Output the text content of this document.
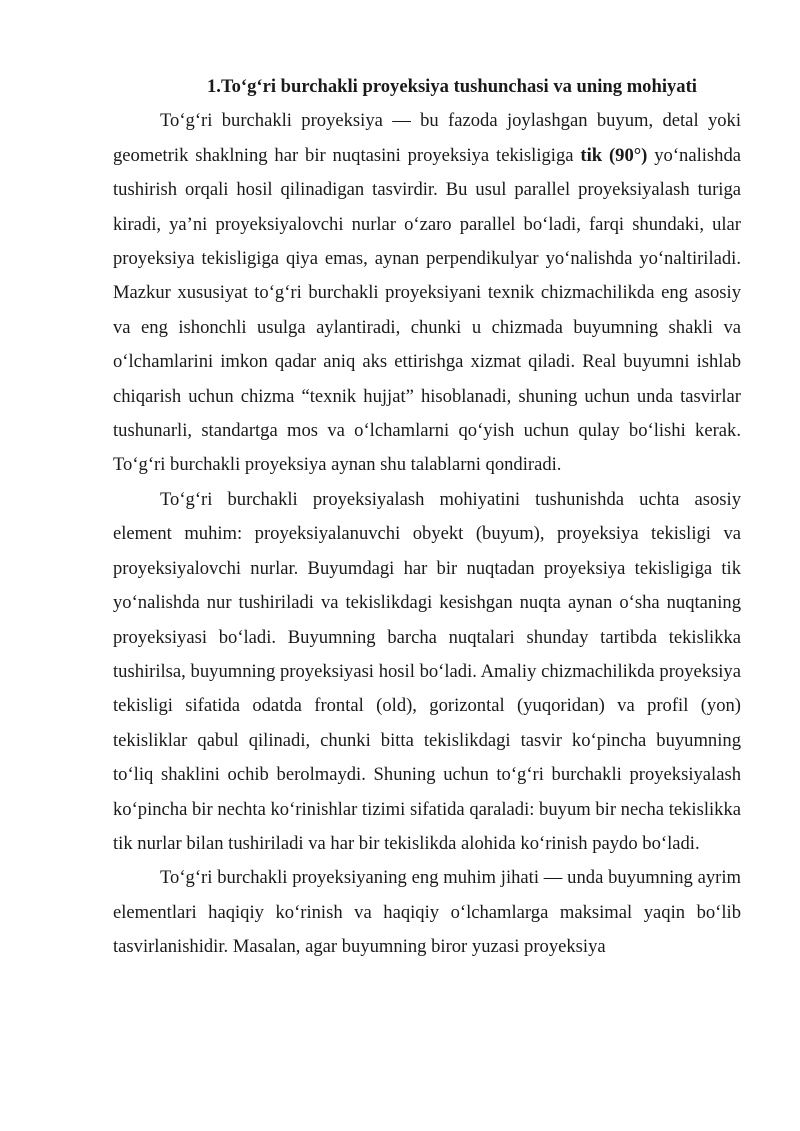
1.To‘g‘ri burchakli proyeksiya tushunchasi va uning mohiyati

To‘g‘ri burchakli proyeksiya — bu fazoda joylashgan buyum, detal yoki geometrik shaklning har bir nuqtasini proyeksiya tekisligiga tik (90°) yo‘nalishda tushirish orqali hosil qilinadigan tasvirdir. Bu usul parallel proyeksiyalash turiga kiradi, ya’ni proyeksiyalovchi nurlar o‘zaro parallel bo‘ladi, farqi shundaki, ular proyeksiya tekisligiga qiya emas, aynan perpendikulyar yo‘nalishda yo‘naltiriladi. Mazkur xususiyat to‘g‘ri burchakli proyeksiyani texnik chizmachilikda eng asosiy va eng ishonchli usulga aylantiradi, chunki u chizmada buyumning shakli va o‘lchamlarini imkon qadar aniq aks ettirishga xizmat qiladi. Real buyumni ishlab chiqarish uchun chizma “texnik hujjat” hisoblanadi, shuning uchun unda tasvirlar tushunarli, standartga mos va o‘lchamlarni qo‘yish uchun qulay bo‘lishi kerak. To‘g‘ri burchakli proyeksiya aynan shu talablarni qondiradi.

To‘g‘ri burchakli proyeksiyalash mohiyatini tushunishda uchta asosiy element muhim: proyeksiyalanuvchi obyekt (buyum), proyeksiya tekisligi va proyeksiyalovchi nurlar. Buyumdagi har bir nuqtadan proyeksiya tekisligiga tik yo‘nalishda nur tushiriladi va tekislikdagi kesishgan nuqta aynan o‘sha nuqtaning proyeksiyasi bo‘ladi. Buyumning barcha nuqtalari shunday tartibda tekislikka tushirilsa, buyumning proyeksiyasi hosil bo‘ladi. Amaliy chizmachilikda proyeksiya tekisligi sifatida odatda frontal (old), gorizontal (yuqoridan) va profil (yon) tekisliklar qabul qilinadi, chunki bitta tekislikdagi tasvir ko‘pincha buyumning to‘liq shaklini ochib berolmaydi. Shuning uchun to‘g‘ri burchakli proyeksiyalash ko‘pincha bir nechta ko‘rinishlar tizimi sifatida qaraladi: buyum bir necha tekislikka tik nurlar bilan tushiriladi va har bir tekislikda alohida ko‘rinish paydo bo‘ladi.

To‘g‘ri burchakli proyeksiyaning eng muhim jihati — unda buyumning ayrim elementlari haqiqiy ko‘rinish va haqiqiy o‘lchamlarga maksimal yaqin bo‘lib tasvirlanishidir. Masalan, agar buyumning biror yuzasi proyeksiya
